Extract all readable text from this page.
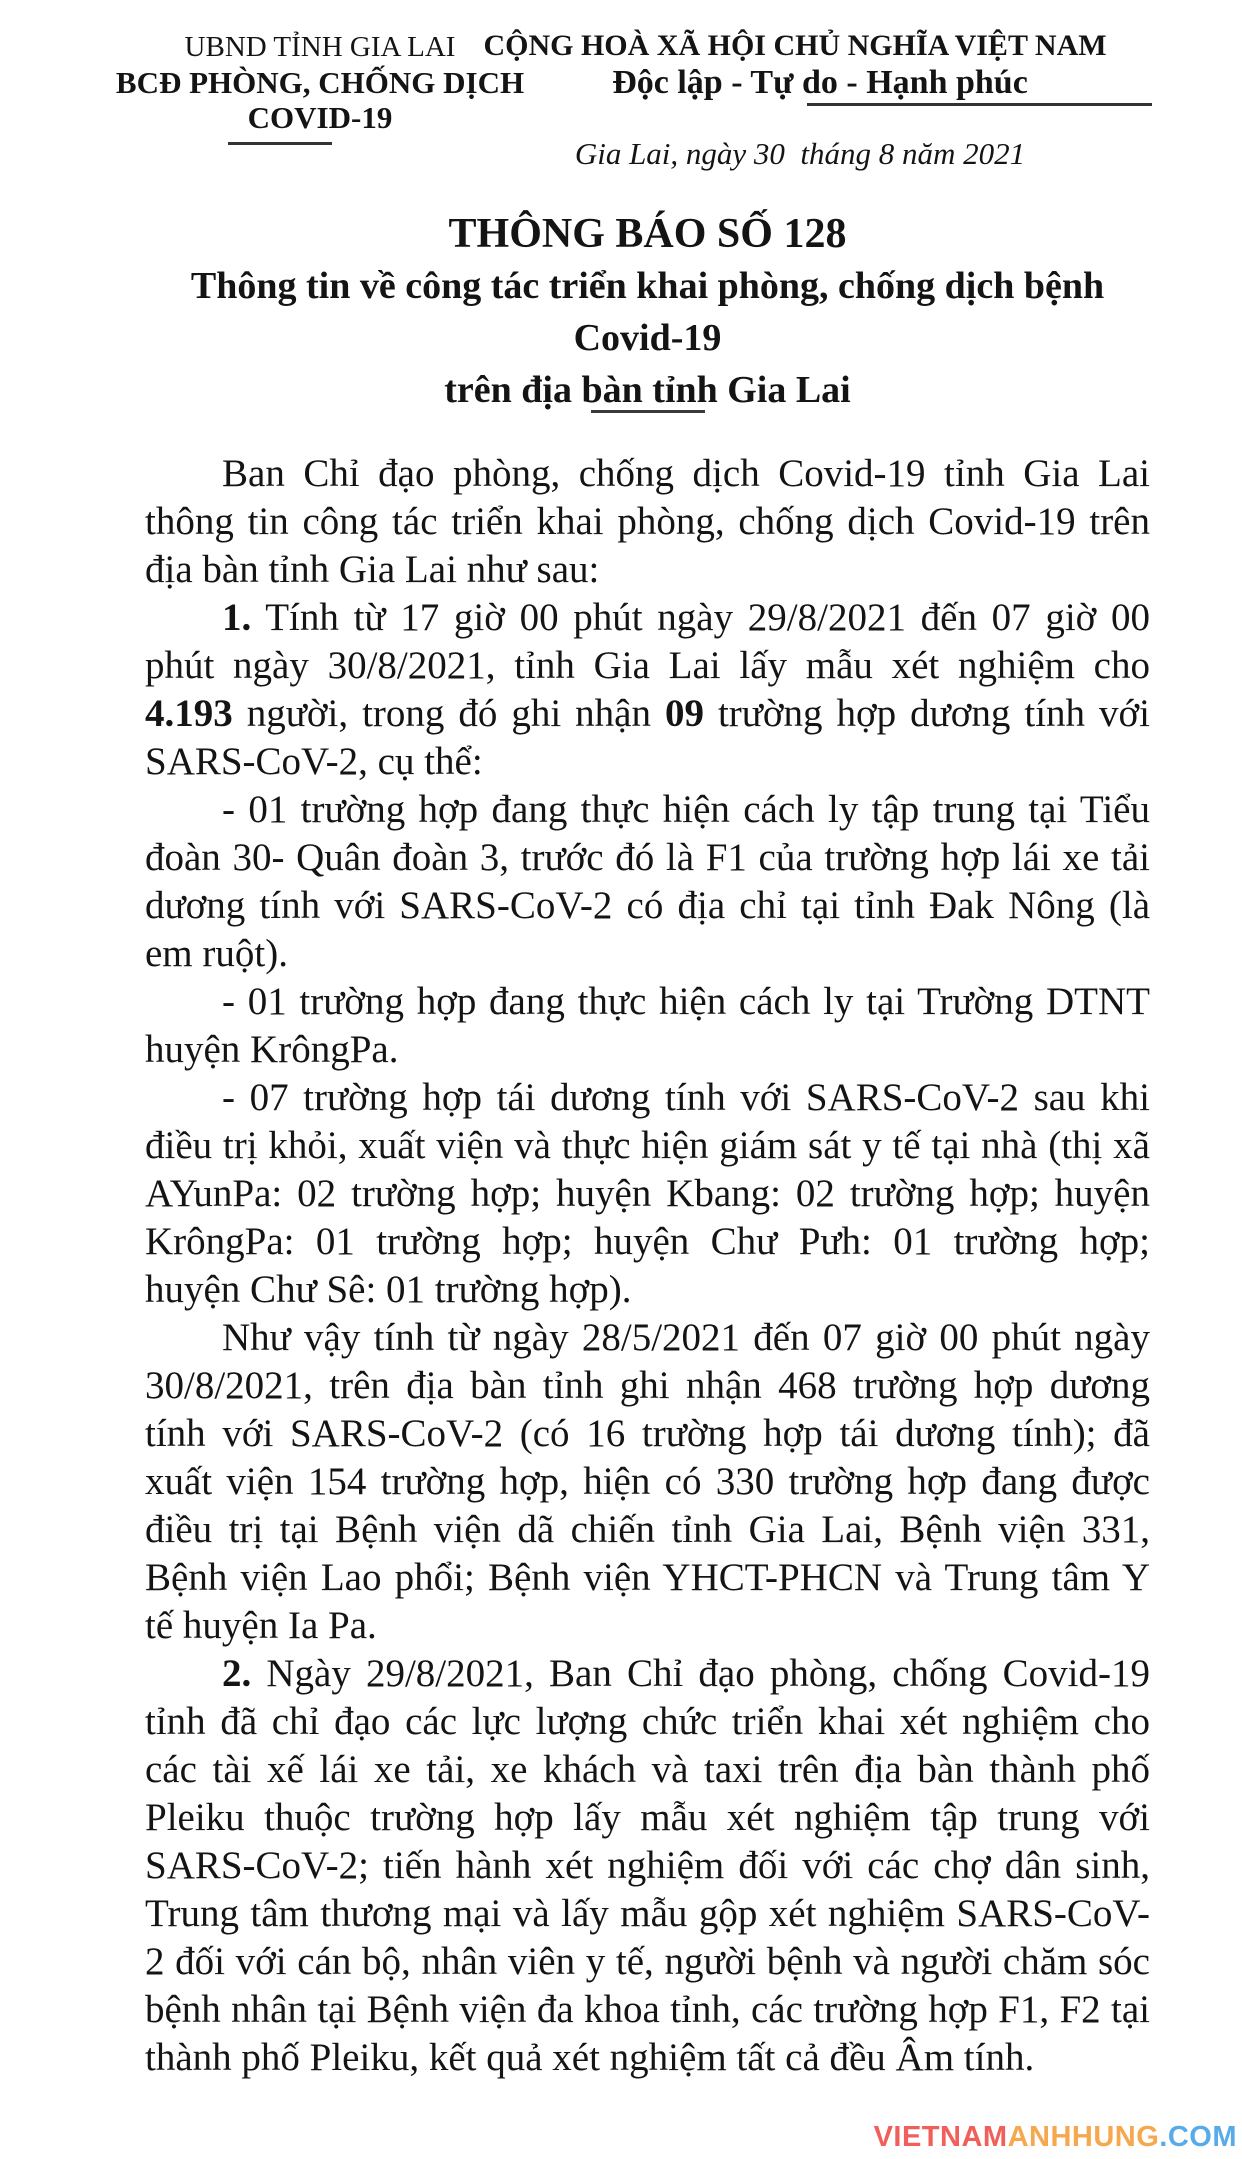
UBND TỈNH GIA LAI
BCĐ PHÒNG, CHỐNG DỊCH
COVID-19
CỘNG HOÀ XÃ HỘI CHỦ NGHĨA VIỆT NAM
Độc lập - Tự do - Hạnh phúc
Gia Lai, ngày 30  tháng 8 năm 2021
THÔNG BÁO SỐ 128
Thông tin về công tác triển khai phòng, chống dịch bệnh
Covid-19
trên địa bàn tỉnh Gia Lai

Ban Chỉ đạo phòng, chống dịch Covid-19 tỉnh Gia Lai thông tin công tác triển khai phòng, chống dịch Covid-19 trên địa bàn tỉnh Gia Lai như sau:

1. Tính từ 17 giờ 00 phút ngày 29/8/2021 đến 07 giờ 00 phút ngày 30/8/2021, tỉnh Gia Lai lấy mẫu xét nghiệm cho 4.193 người, trong đó ghi nhận 09 trường hợp dương tính với SARS-CoV-2, cụ thể:

- 01 trường hợp đang thực hiện cách ly tập trung tại Tiểu đoàn 30- Quân đoàn 3, trước đó là F1 của trường hợp lái xe tải dương tính với SARS-CoV-2 có địa chỉ tại tỉnh Đak Nông (là em ruột).

- 01 trường hợp đang thực hiện cách ly tại Trường DTNT huyện KrôngPa.

- 07 trường hợp tái dương tính với SARS-CoV-2 sau khi điều trị khỏi, xuất viện và thực hiện giám sát y tế tại nhà (thị xã AYunPa: 02 trường hợp; huyện Kbang: 02 trường hợp; huyện KrôngPa: 01 trường hợp; huyện Chư Pưh: 01 trường hợp; huyện Chư Sê: 01 trường hợp).

Như vậy tính từ ngày 28/5/2021 đến 07 giờ 00 phút ngày 30/8/2021, trên địa bàn tỉnh ghi nhận 468 trường hợp dương tính với SARS-CoV-2 (có 16 trường hợp tái dương tính); đã xuất viện 154 trường hợp, hiện có 330 trường hợp đang được điều trị tại Bệnh viện dã chiến tỉnh Gia Lai, Bệnh viện 331, Bệnh viện Lao phổi; Bệnh viện YHCT-PHCN và Trung tâm Y tế huyện Ia Pa.

2. Ngày 29/8/2021, Ban Chỉ đạo phòng, chống Covid-19 tỉnh đã chỉ đạo các lực lượng chức triển khai xét nghiệm cho các tài xế lái xe tải, xe khách và taxi trên địa bàn thành phố Pleiku thuộc trường hợp lấy mẫu xét nghiệm tập trung với SARS-CoV-2; tiến hành xét nghiệm đối với các chợ dân sinh, Trung tâm thương mại và lấy mẫu gộp xét nghiệm SARS-CoV-2 đối với cán bộ, nhân viên y tế, người bệnh và người chăm sóc bệnh nhân tại Bệnh viện đa khoa tỉnh, các trường hợp F1, F2 tại thành phố Pleiku, kết quả xét nghiệm tất cả đều Âm tính.

VIETNAMANHHUNG.COM
